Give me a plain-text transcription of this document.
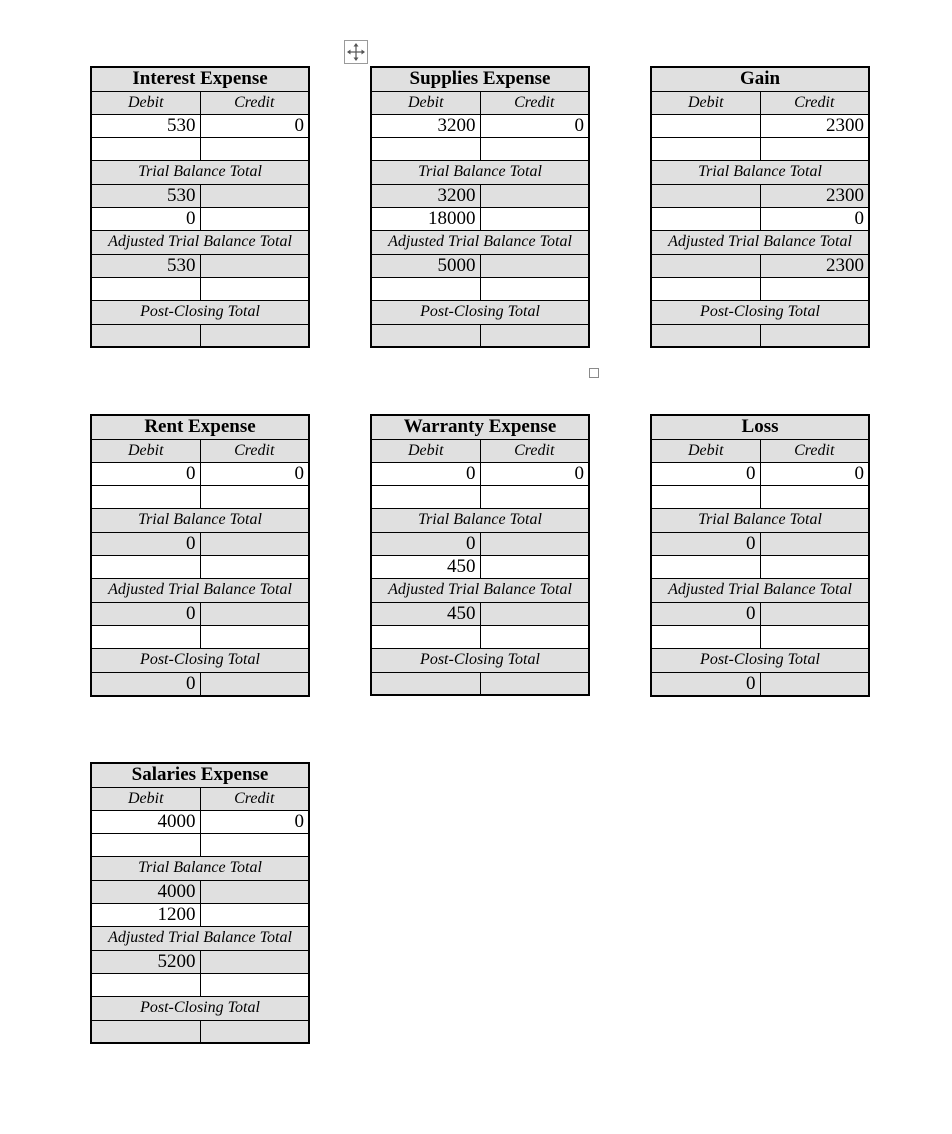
Interest Expense	
Debit	Credit
530	0

Trial Balance Total	
530	
0	
Adjusted Trial Balance Total	
530	

Post-Closing Total	

Supplies Expense	
Debit	Credit
3200	0

Trial Balance Total	
3200	
18000	
Adjusted Trial Balance Total	
5000	

Post-Closing Total	

Gain	
Debit	Credit
	2300

Trial Balance Total	
	2300
	0
Adjusted Trial Balance Total	
	2300

Post-Closing Total	

Rent Expense	
Debit	Credit
0	0

Trial Balance Total	
0	

Adjusted Trial Balance Total	
0	

Post-Closing Total	
0	
Warranty Expense	
Debit	Credit
0	0

Trial Balance Total	
0	
450	
Adjusted Trial Balance Total	
450	

Post-Closing Total	

Loss	
Debit	Credit
0	0

Trial Balance Total	
0	

Adjusted Trial Balance Total	
0	

Post-Closing Total	
0	
Salaries Expense	
Debit	Credit
4000	0

Trial Balance Total	
4000	
1200	
Adjusted Trial Balance Total	
5200	

Post-Closing Total	
